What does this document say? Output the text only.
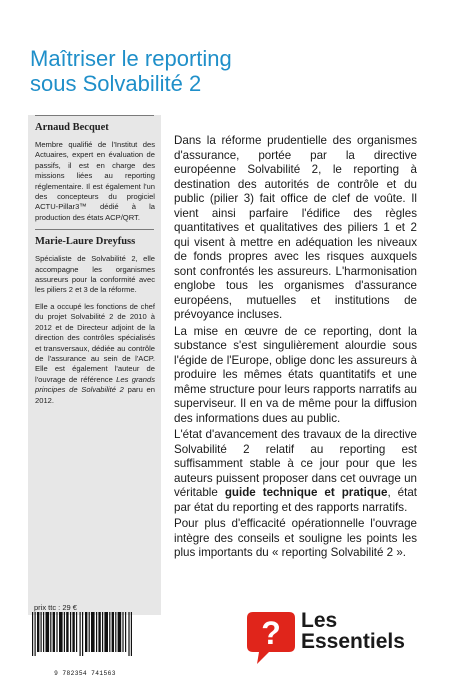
Maîtriser le reporting
sous Solvabilité 2
Arnaud Becquet

Membre qualifié de l'Institut des Actuaires, expert en évaluation de passifs, il est en charge des missions liées au reporting réglementaire. Il est également l'un des concepteurs du progiciel ACTU-Pillar3™ dédié à la production des états ACP/QRT.

Marie-Laure Dreyfuss

Spécialiste de Solvabilité 2, elle accompagne les organismes assureurs pour la conformité avec les piliers 2 et 3 de la réforme.

Elle a occupé les fonctions de chef du projet Solvabilité 2 de 2010 à 2012 et de Directeur adjoint de la direction des contrôles spécialisés et transversaux, dédiée au contrôle de l'assurance au sein de l'ACP. Elle est également l'auteur de l'ouvrage de référence Les grands principes de Solvabilité 2 paru en 2012.

Dans la réforme prudentielle des organismes d'assurance, portée par la directive européenne Solvabilité 2, le reporting à destination des autorités de contrôle et du public (pilier 3) fait office de clef de voûte. Il vient ainsi parfaire l'édifice des règles quantitatives et qualitatives des piliers 1 et 2 qui visent à mettre en adéquation les niveaux de fonds propres avec les risques auxquels sont confrontés les assureurs. L'harmonisation englobe tous les organismes d'assurance européens, mutuelles et institutions de prévoyance incluses.

La mise en œuvre de ce reporting, dont la substance s'est singulièrement alourdie sous l'égide de l'Europe, oblige donc les assureurs à produire les mêmes états quantitatifs et une même structure pour leurs rapports narratifs au superviseur. Il en va de même pour la diffusion des informations dues au public.

L'état d'avancement des travaux de la directive Solvabilité 2 relatif au reporting est suffisamment stable à ce jour pour que les auteurs puissent proposer dans cet ouvrage un véritable guide technique et pratique, état par état du reporting et des rapports narratifs.

Pour plus d'efficacité opérationnelle l'ouvrage intègre des conseils et souligne les points les plus importants du « reporting Solvabilité 2 ».

prix ttc : 29 €
9 782354 741563
? Les
Essentiels
